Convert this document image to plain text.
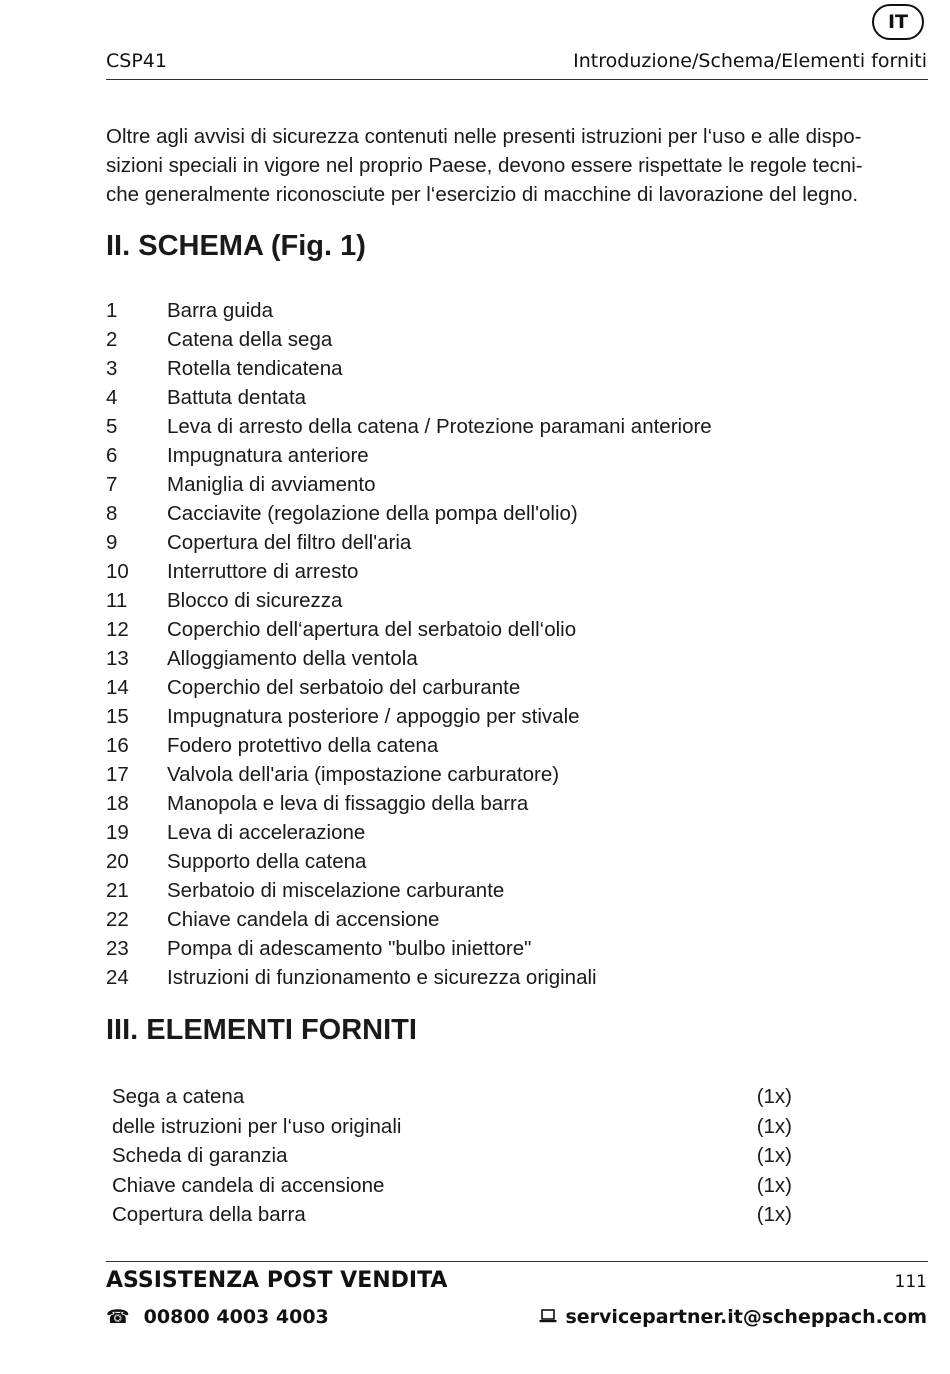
IT
CSP41	Introduzione/Schema/Elementi forniti

Oltre agli avvisi di sicurezza contenuti nelle presenti istruzioni per l‘uso e alle dispo-
sizioni speciali in vigore nel proprio Paese, devono essere rispettate le regole tecni-
che generalmente riconosciute per l‘esercizio di macchine di lavorazione del legno.

II. SCHEMA (Fig. 1)
1	Barra guida
2	Catena della sega
3	Rotella tendicatena
4	Battuta dentata
5	Leva di arresto della catena / Protezione paramani anteriore
6	Impugnatura anteriore
7	Maniglia di avviamento
8	Cacciavite (regolazione della pompa dell'olio)
9	Copertura del filtro dell'aria
10	Interruttore di arresto
11	Blocco di sicurezza
12	Coperchio dell‘apertura del serbatoio dell‘olio
13	Alloggiamento della ventola
14	Coperchio del serbatoio del carburante
15	Impugnatura posteriore / appoggio per stivale
16	Fodero protettivo della catena
17	Valvola dell'aria (impostazione carburatore)
18	Manopola e leva di fissaggio della barra
19	Leva di accelerazione
20	Supporto della catena
21	Serbatoio di miscelazione carburante
22	Chiave candela di accensione
23	Pompa di adescamento "bulbo iniettore"
24	Istruzioni di funzionamento e sicurezza originali
III. ELEMENTI FORNITI
Sega a catena	(1x)
delle istruzioni per l‘uso originali	(1x)
Scheda di garanzia	(1x)
Chiave candela di accensione	(1x)
Copertura della barra	(1x)
ASSISTENZA POST VENDITA	111
☎ 00800 4003 4003	servicepartner.it@scheppach.com
